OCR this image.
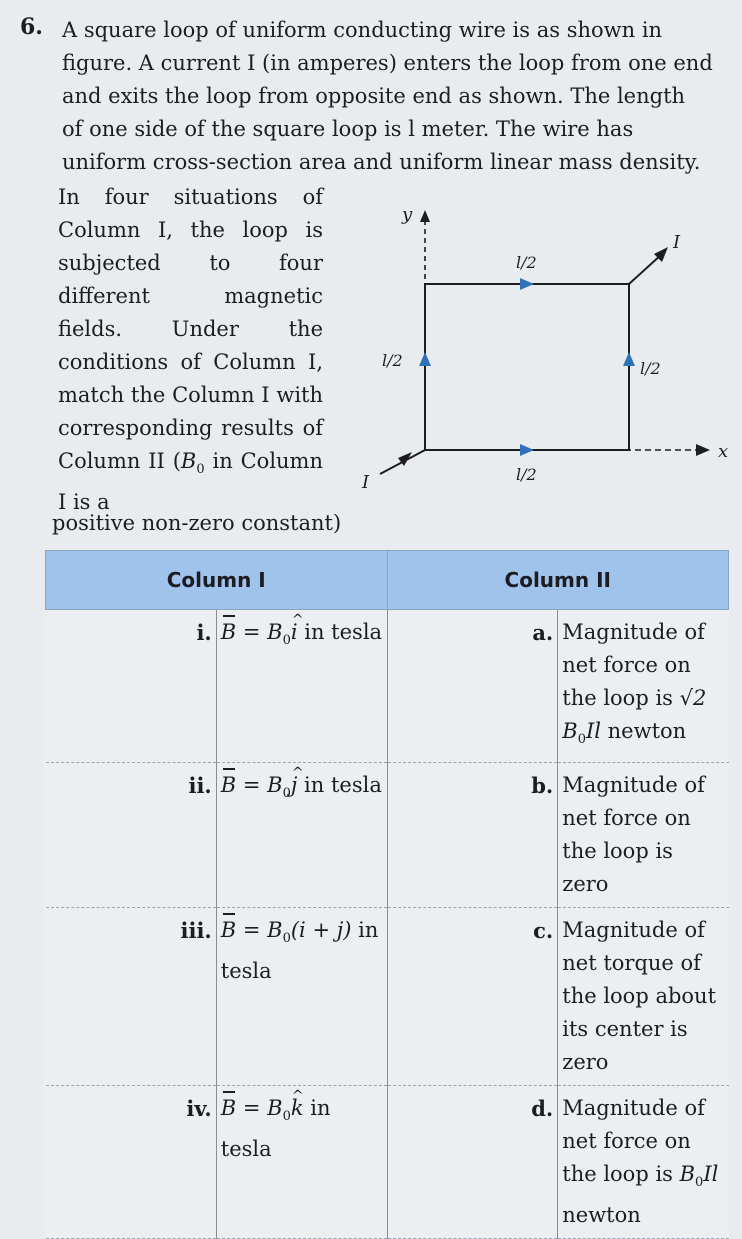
6. A square loop of uniform conducting wire is as shown in

figure. A current I (in amperes) enters the loop from one end

and exits the loop from opposite end as shown. The length

of one side of the square loop is l meter. The wire has

uniform cross-section area and uniform linear mass density.

In four situations of Column I, the loop is subjected to four different magnetic fields. Under the conditions of Column I, match the Column I with corresponding results of Column II ($B_0$ in Column I is a
positive non-zero constant)
y
x
l/2
l/2
l/2	l/2
I
I
Column I		Column II	
i.	$B = B_0\^{}$ i in tesla	a.	Magnitude of net force on the loop is √2 $B_0Il$ newton
ii.	$B = B_0\^{}$ j in tesla	b.	Magnitude of net force on the loop is zero
iii.	$B = B_0(i + j)$ in tesla	c.	Magnitude of net torque of the loop about its center is zero
iv.	$B = B_0\^{}$ k in tesla	d.	Magnitude of net force on the loop is $B_0Il$ newton
